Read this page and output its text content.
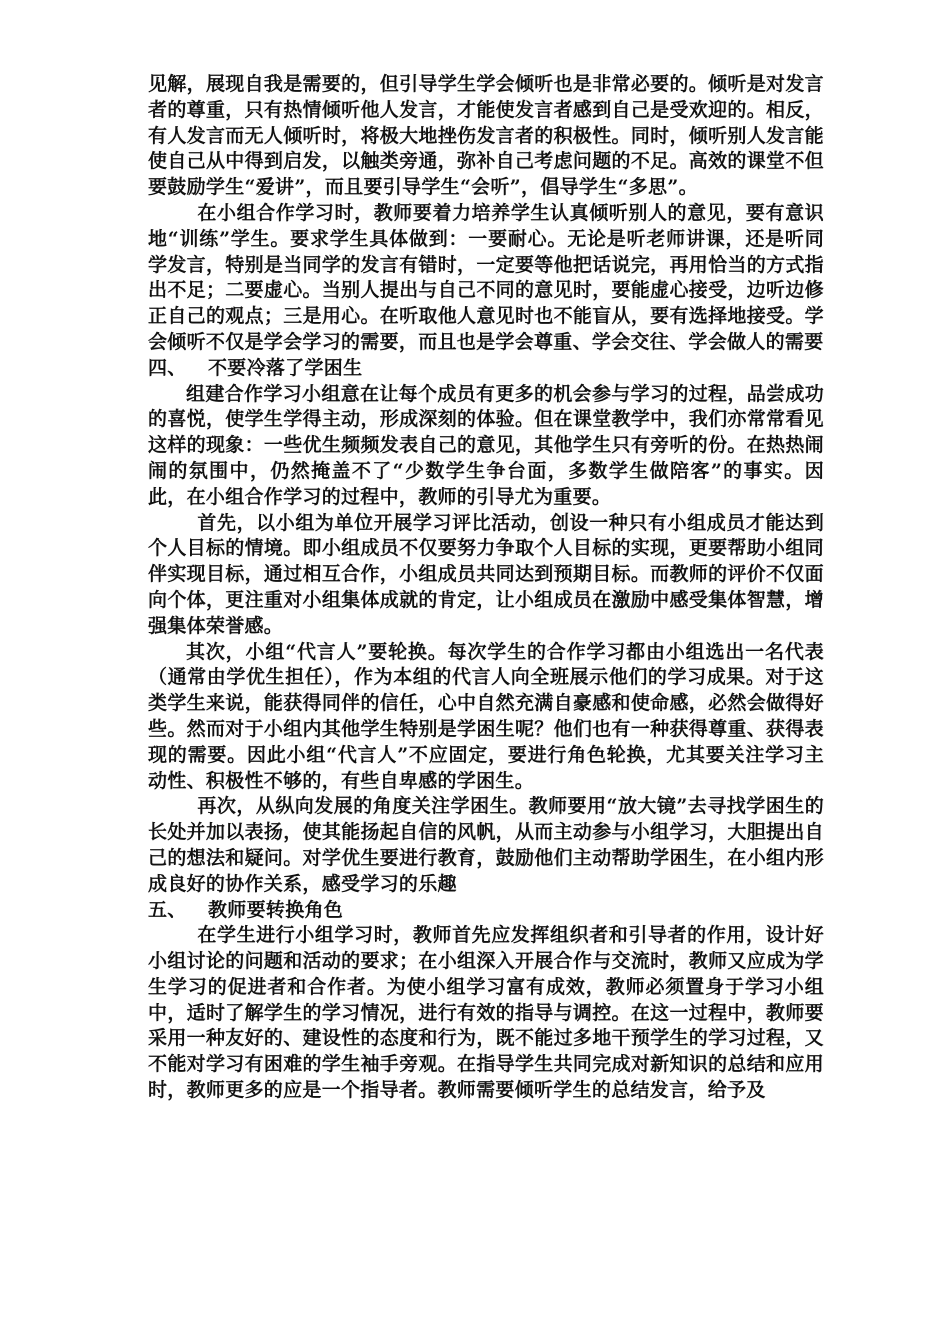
见解，展现自我是需要的，但引导学生学会倾听也是非常必要的。倾听是对发言者的尊重，只有热情倾听他人发言，才能使发言者感到自己是受欢迎的。相反，有人发言而无人倾听时，将极大地挫伤发言者的积极性。同时，倾听别人发言能使自己从中得到启发，以触类旁通，弥补自己考虑问题的不足。高效的课堂不但要鼓励学生“爱讲”，而且要引导学生“会听”，倡导学生“多思”。

在小组合作学习时，教师要着力培养学生认真倾听别人的意见，要有意识地“训练”学生。要求学生具体做到：一要耐心。无论是听老师讲课，还是听同学发言，特别是当同学的发言有错时，一定要等他把话说完，再用恰当的方式指出不足；二要虚心。当别人提出与自己不同的意见时，要能虚心接受，边听边修正自己的观点；三是用心。在听取他人意见时也不能盲从，要有选择地接受。学会倾听不仅是学会学习的需要，而且也是学会尊重、学会交往、学会做人的需要

四、 不要冷落了学困生

组建合作学习小组意在让每个成员有更多的机会参与学习的过程，品尝成功的喜悦，使学生学得主动，形成深刻的体验。但在课堂教学中，我们亦常常看见这样的现象：一些优生频频发表自己的意见，其他学生只有旁听的份。在热热闹闹的氛围中，仍然掩盖不了“少数学生争台面，多数学生做陪客”的事实。因此，在小组合作学习的过程中，教师的引导尤为重要。

首先，以小组为单位开展学习评比活动，创设一种只有小组成员才能达到个人目标的情境。即小组成员不仅要努力争取个人目标的实现，更要帮助小组同伴实现目标，通过相互合作，小组成员共同达到预期目标。而教师的评价不仅面向个体，更注重对小组集体成就的肯定，让小组成员在激励中感受集体智慧，增强集体荣誉感。

其次，小组“代言人”要轮换。每次学生的合作学习都由小组选出一名代表（通常由学优生担任），作为本组的代言人向全班展示他们的学习成果。对于这类学生来说，能获得同伴的信任，心中自然充满自豪感和使命感，必然会做得好些。然而对于小组内其他学生特别是学困生呢？他们也有一种获得尊重、获得表现的需要。因此小组“代言人”不应固定，要进行角色轮换，尤其要关注学习主动性、积极性不够的，有些自卑感的学困生。

再次，从纵向发展的角度关注学困生。教师要用“放大镜”去寻找学困生的长处并加以表扬，使其能扬起自信的风帆，从而主动参与小组学习，大胆提出自己的想法和疑问。对学优生要进行教育，鼓励他们主动帮助学困生，在小组内形成良好的协作关系，感受学习的乐趣

五、 教师要转换角色

在学生进行小组学习时，教师首先应发挥组织者和引导者的作用，设计好小组讨论的问题和活动的要求；在小组深入开展合作与交流时，教师又应成为学生学习的促进者和合作者。为使小组学习富有成效，教师必须置身于学习小组中，适时了解学生的学习情况，进行有效的指导与调控。在这一过程中，教师要采用一种友好的、建设性的态度和行为，既不能过多地干预学生的学习过程，又不能对学习有困难的学生袖手旁观。在指导学生共同完成对新知识的总结和应用时，教师更多的应是一个指导者。教师需要倾听学生的总结发言，给予及
